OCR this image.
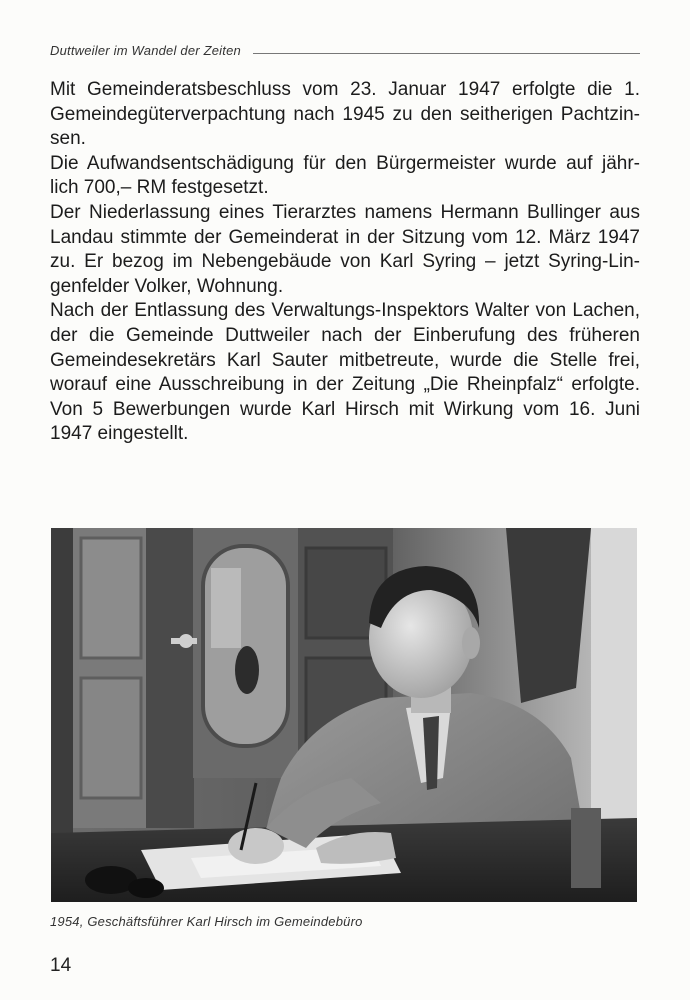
Duttweiler im Wandel der Zeiten
Mit Gemeinderatsbeschluss vom 23. Januar 1947 erfolgte die 1.
Gemeindegüterverpachtung nach 1945 zu den seitherigen Pachtzin-
sen.
Die Aufwandsentschädigung für den Bürgermeister wurde auf jähr-
lich 700,– RM festgesetzt.
Der Niederlassung eines Tierarztes namens Hermann Bullinger aus
Landau stimmte der Gemeinderat in der Sitzung vom 12. März 1947
zu. Er bezog im Nebengebäude von Karl Syring – jetzt Syring-Lin-
genfelder Volker, Wohnung.
Nach der Entlassung des Verwaltungs-Inspektors Walter von Lachen,
der die Gemeinde Duttweiler nach der Einberufung des früheren
Gemeindesekretärs Karl Sauter mitbetreute, wurde die Stelle frei,
worauf eine Ausschreibung in der Zeitung „Die Rheinpfalz“ erfolgte.
Von 5 Bewerbungen wurde Karl Hirsch mit Wirkung vom 16. Juni
1947 eingestellt.
1954, Geschäftsführer Karl Hirsch im Gemeindebüro
14
